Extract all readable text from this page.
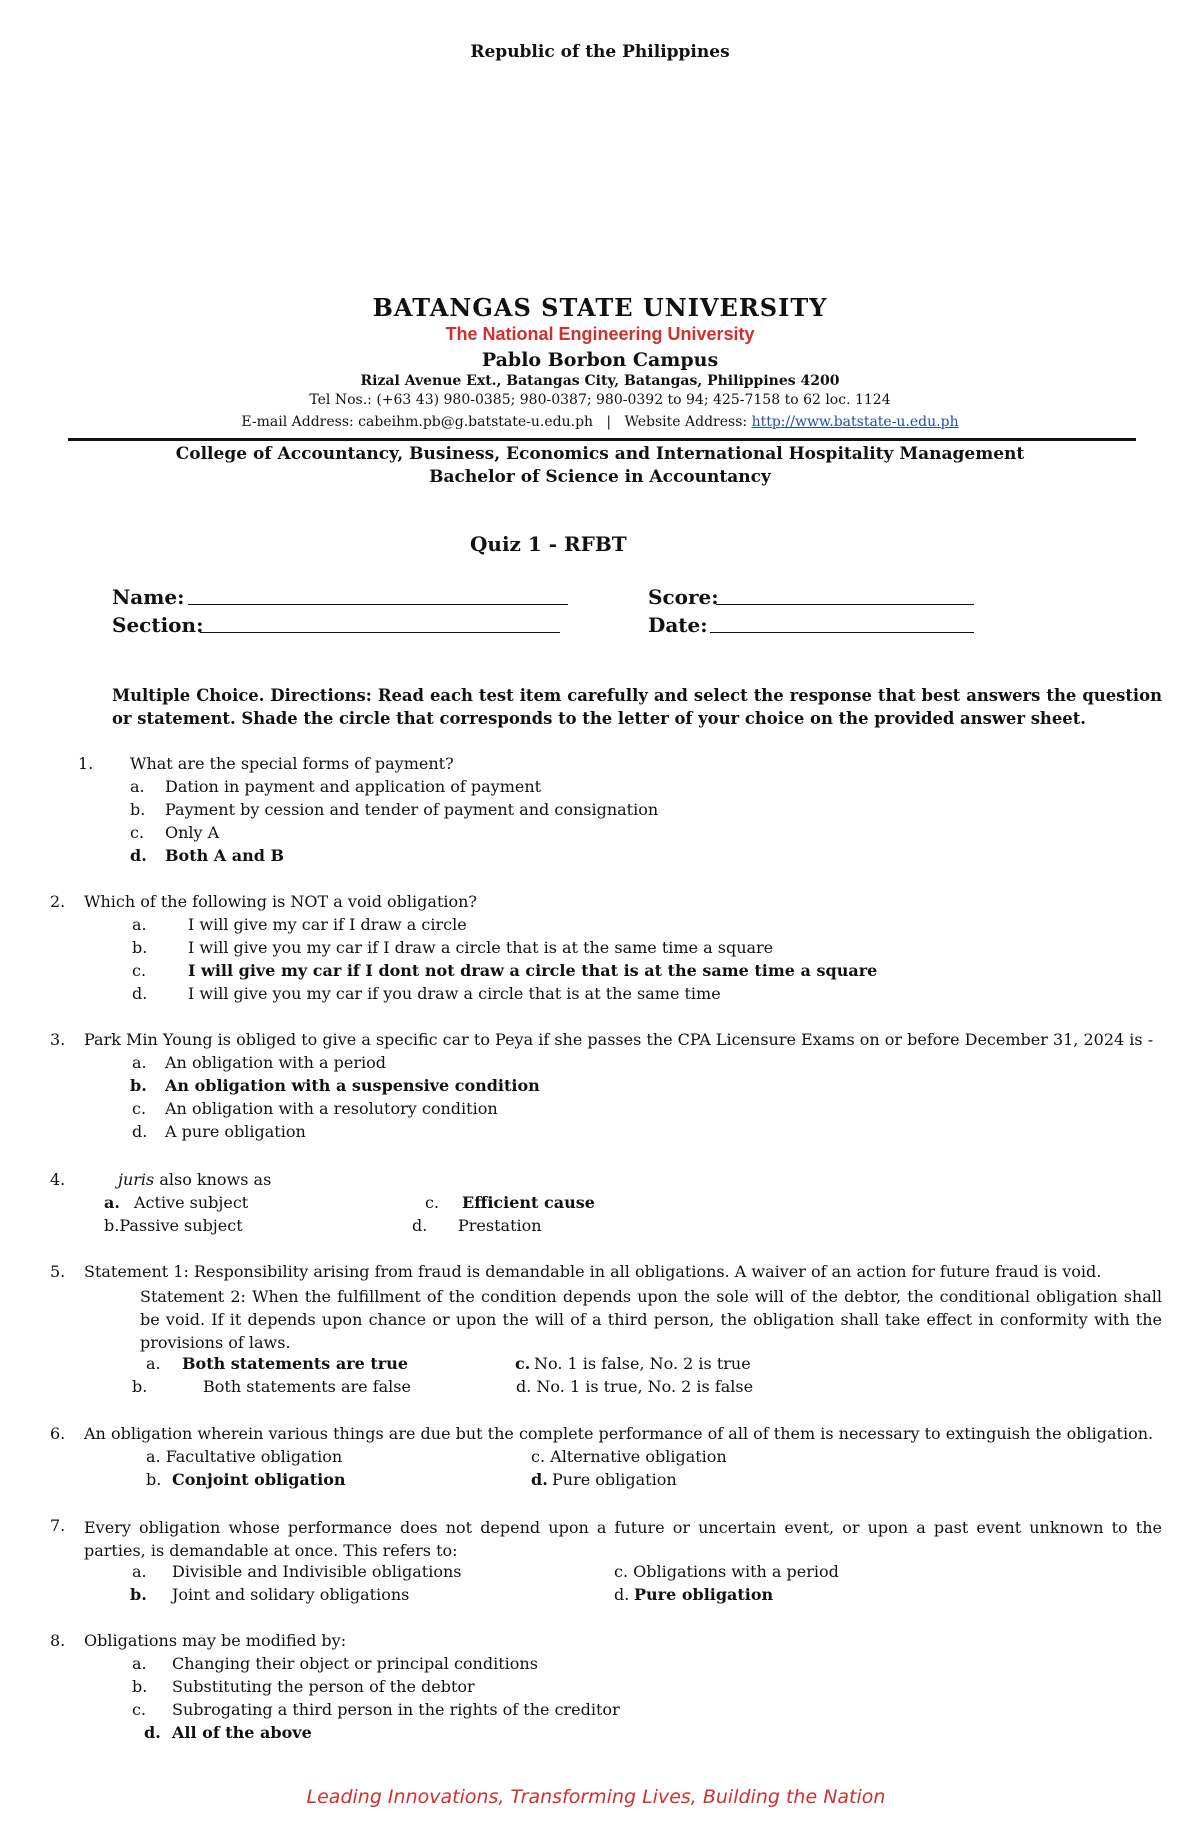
Republic of the Philippines
BATANGAS STATE UNIVERSITY
The National Engineering University
Pablo Borbon Campus
Rizal Avenue Ext., Batangas City, Batangas, Philippines 4200
Tel Nos.: (+63 43) 980-0385; 980-0387; 980-0392 to 94; 425-7158 to 62 loc. 1124
E-mail Address: cabeihm.pb@g.batstate-u.edu.ph | Website Address: http://www.batstate-u.edu.ph
College of Accountancy, Business, Economics and International Hospitality Management
Bachelor of Science in Accountancy
Quiz 1 - RFBT
Name:
Section:
Score:
Date:
Multiple Choice. Directions: Read each test item carefully and select the response that best answers the question or statement. Shade the circle that corresponds to the letter of your choice on the provided answer sheet.
1. What are the special forms of payment?
a. Dation in payment and application of payment
b. Payment by cession and tender of payment and consignation
c. Only A
d. Both A and B
2. Which of the following is NOT a void obligation?
a.	I will give my car if I draw a circle
b.	I will give you my car if I draw a circle that is at the same time a square
c.	I will give my car if I dont not draw a circle that is at the same time a square
d.	I will give you my car if you draw a circle that is at the same time
3. Park Min Young is obliged to give a specific car to Peya if she passes the CPA Licensure Exams on or before December 31, 2024 is -
a. An obligation with a period
b. An obligation with a suspensive condition
c. An obligation with a resolutory condition
d. A pure obligation
4.	juris also knows as
a. Active subject
b.Passive subject
c. Efficient cause
d. Prestation
5. Statement 1: Responsibility arising from fraud is demandable in all obligations. A waiver of an action for future fraud is void.
Statement 2: When the fulfillment of the condition depends upon the sole will of the debtor, the conditional obligation shall be void. If it depends upon chance or upon the will of a third person, the obligation shall take effect in conformity with the provisions of laws.
a. Both statements are true
b.	Both statements are false
c. No. 1 is false, No. 2 is true
d. No. 1 is true, No. 2 is false
6. An obligation wherein various things are due but the complete performance of all of them is necessary to extinguish the obligation.
a. Facultative obligation
b. Conjoint obligation
c. Alternative obligation
d. Pure obligation
7. Every obligation whose performance does not depend upon a future or uncertain event, or upon a past event unknown to the parties, is demandable at once. This refers to:
a. Divisible and Indivisible obligations
b. Joint and solidary obligations
c. Obligations with a period
d. Pure obligation
8. Obligations may be modified by:
a. Changing their object or principal conditions
b. Substituting the person of the debtor
c. Subrogating a third person in the rights of the creditor
d. All of the above
Leading Innovations, Transforming Lives, Building the Nation
